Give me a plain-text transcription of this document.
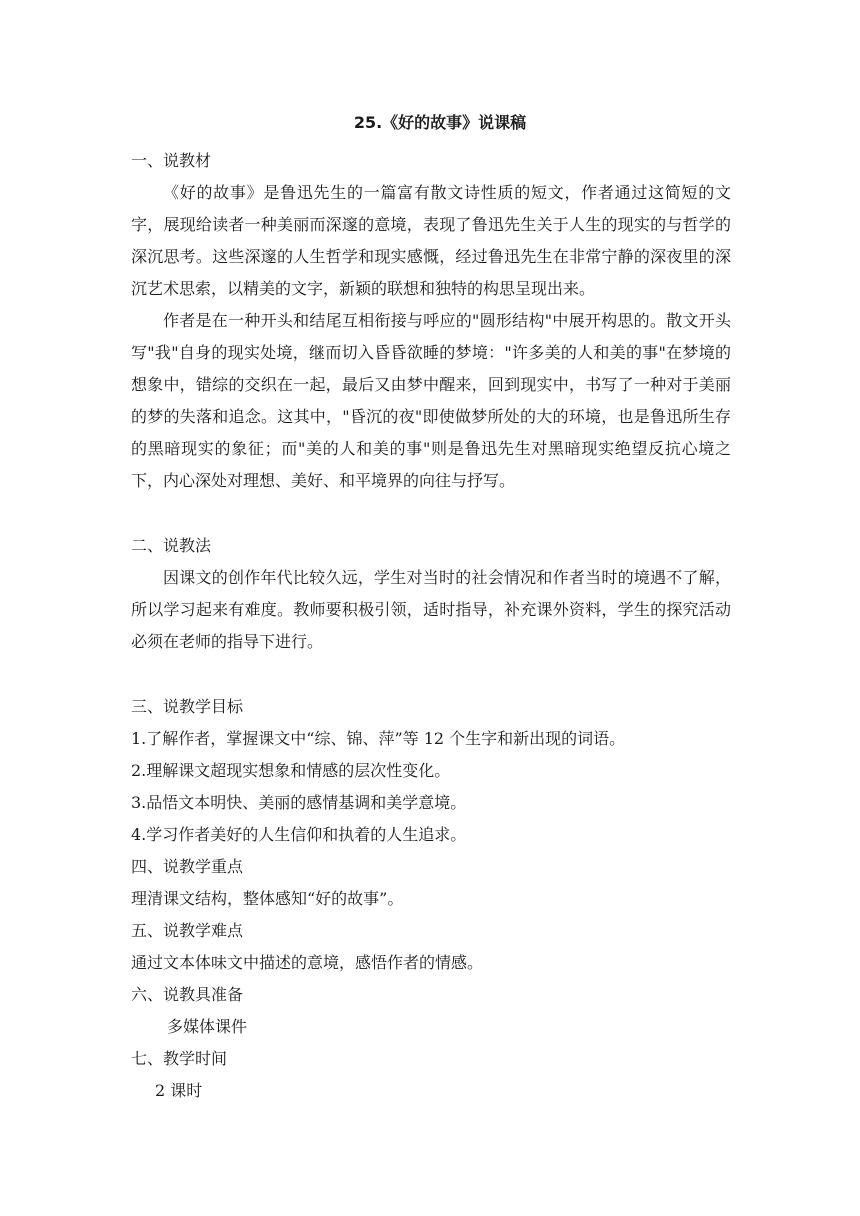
25.《好的故事》说课稿
一、说教材

《好的故事》是鲁迅先生的一篇富有散文诗性质的短文，作者通过这简短的文字，展现给读者一种美丽而深邃的意境，表现了鲁迅先生关于人生的现实的与哲学的深沉思考。这些深邃的人生哲学和现实感慨，经过鲁迅先生在非常宁静的深夜里的深沉艺术思索，以精美的文字，新颖的联想和独特的构思呈现出来。

作者是在一种开头和结尾互相衔接与呼应的"圆形结构"中展开构思的。散文开头写"我"自身的现实处境，继而切入昏昏欲睡的梦境："许多美的人和美的事"在梦境的想象中，错综的交织在一起，最后又由梦中醒来，回到现实中，书写了一种对于美丽的梦的失落和追念。这其中，"昏沉的夜"即使做梦所处的大的环境，也是鲁迅所生存的黑暗现实的象征；而"美的人和美的事"则是鲁迅先生对黑暗现实绝望反抗心境之下，内心深处对理想、美好、和平境界的向往与抒写。

二、说教法

因课文的创作年代比较久远，学生对当时的社会情况和作者当时的境遇不了解，所以学习起来有难度。教师要积极引领，适时指导，补充课外资料，学生的探究活动必须在老师的指导下进行。

三、说教学目标
1.了解作者，掌握课文中“综、锦、萍”等 12 个生字和新出现的词语。
2.理解课文超现实想象和情感的层次性变化。
3.品悟文本明快、美丽的感情基调和美学意境。
4.学习作者美好的人生信仰和执着的人生追求。
四、说教学重点
理清课文结构，整体感知“好的故事”。
五、说教学难点
通过文本体味文中描述的意境，感悟作者的情感。
六、说教具准备
多媒体课件
七、教学时间
2 课时
